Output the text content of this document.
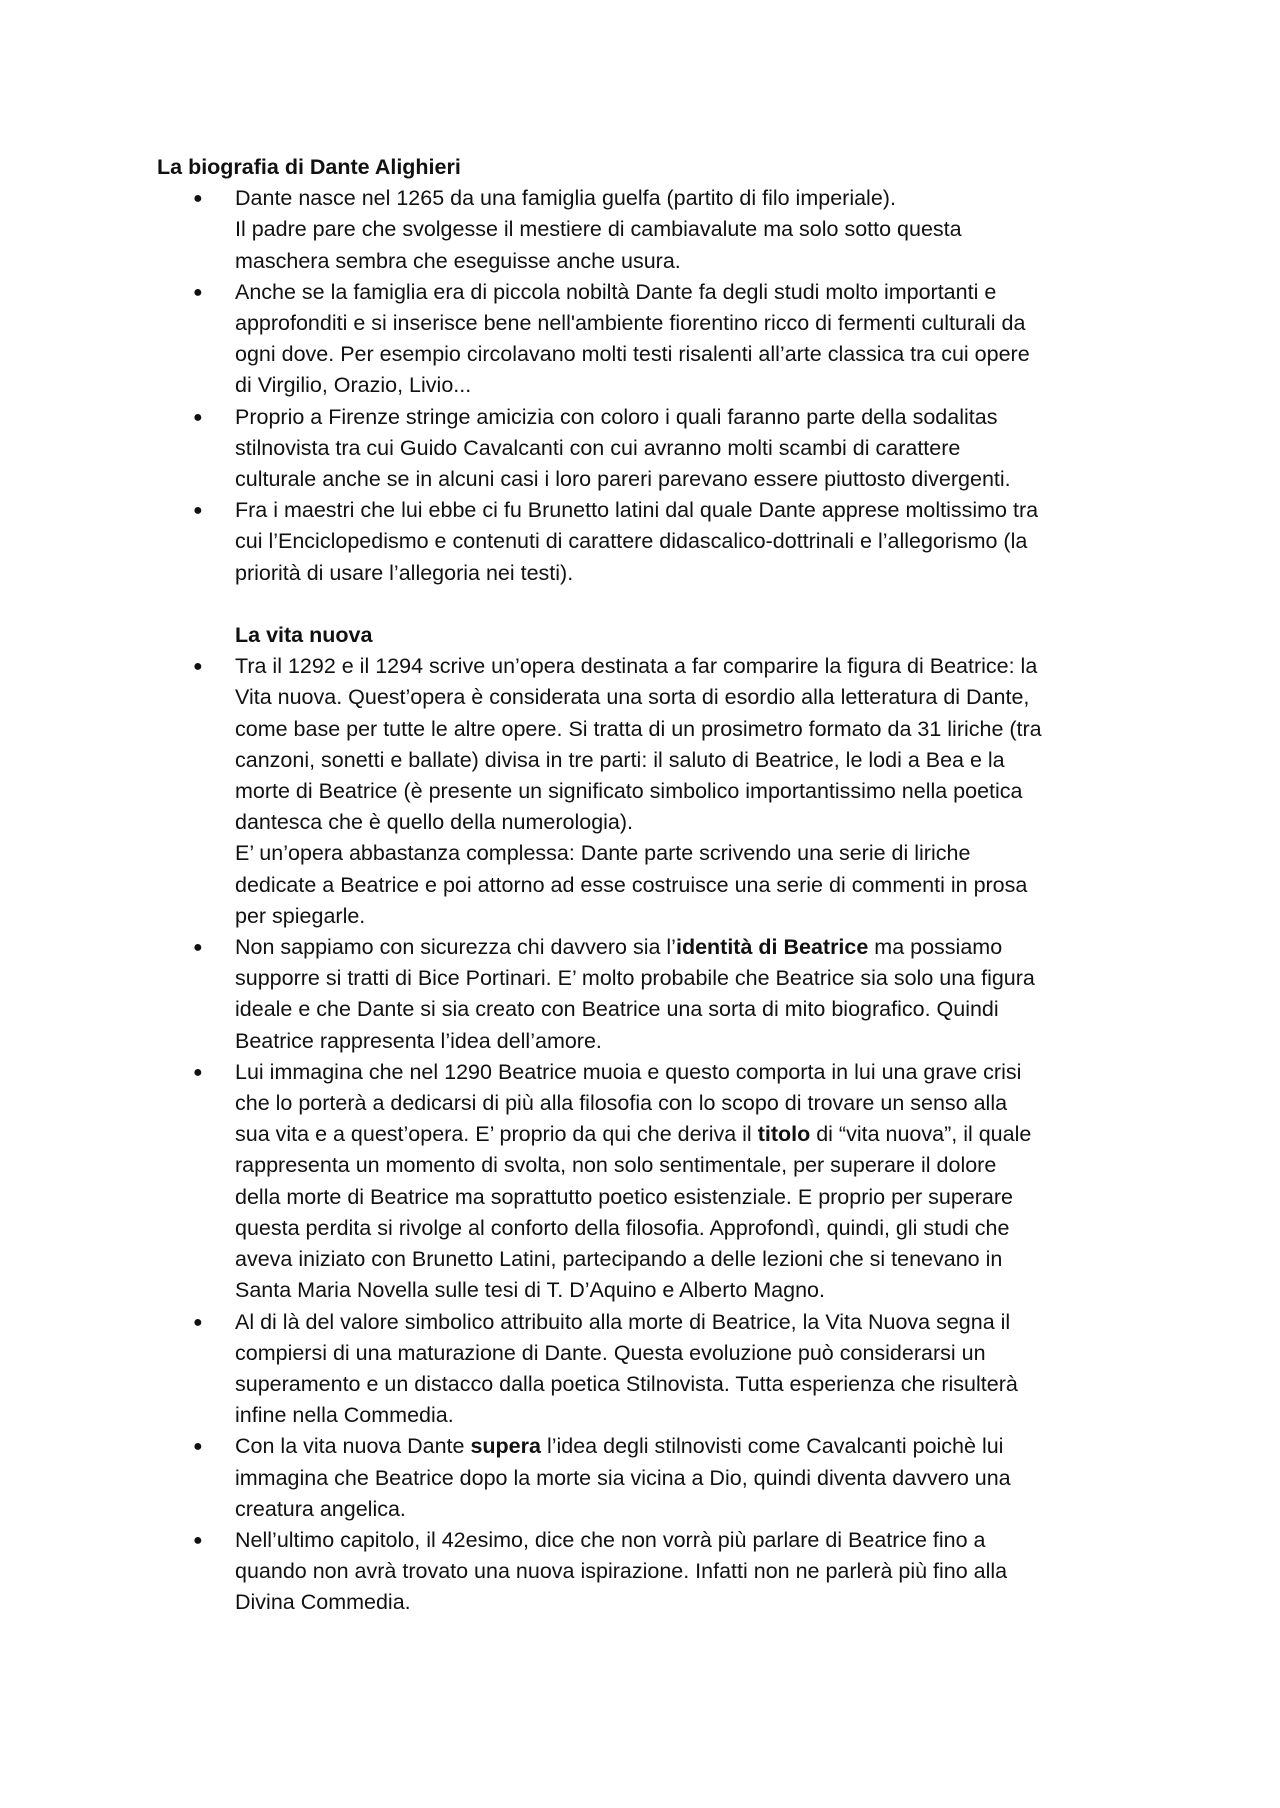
La biografia di Dante Alighieri

● Dante nasce nel 1265 da una famiglia guelfa (partito di filo imperiale).
Il padre pare che svolgesse il mestiere di cambiavalute ma solo sotto questa
maschera sembra che eseguisse anche usura.
● Anche se la famiglia era di piccola nobiltà Dante fa degli studi molto importanti e
approfonditi e si inserisce bene nell'ambiente fiorentino ricco di fermenti culturali da
ogni dove. Per esempio circolavano molti testi risalenti all’arte classica tra cui opere
di Virgilio, Orazio, Livio...
● Proprio a Firenze stringe amicizia con coloro i quali faranno parte della sodalitas
stilnovista tra cui Guido Cavalcanti con cui avranno molti scambi di carattere
culturale anche se in alcuni casi i loro pareri parevano essere piuttosto divergenti.
● Fra i maestri che lui ebbe ci fu Brunetto latini dal quale Dante apprese moltissimo tra
cui l’Enciclopedismo e contenuti di carattere didascalico-dottrinali e l’allegorismo (la
priorità di usare l’allegoria nei testi).

La vita nuova

● Tra il 1292 e il 1294 scrive un’opera destinata a far comparire la figura di Beatrice: la
Vita nuova. Quest’opera è considerata una sorta di esordio alla letteratura di Dante,
come base per tutte le altre opere. Si tratta di un prosimetro formato da 31 liriche (tra
canzoni, sonetti e ballate) divisa in tre parti: il saluto di Beatrice, le lodi a Bea e la
morte di Beatrice (è presente un significato simbolico importantissimo nella poetica
dantesca che è quello della numerologia).
E’ un’opera abbastanza complessa: Dante parte scrivendo una serie di liriche
dedicate a Beatrice e poi attorno ad esse costruisce una serie di commenti in prosa
per spiegarle.
● Non sappiamo con sicurezza chi davvero sia l’identità di Beatrice ma possiamo
supporre si tratti di Bice Portinari. E’ molto probabile che Beatrice sia solo una figura
ideale e che Dante si sia creato con Beatrice una sorta di mito biografico. Quindi
Beatrice rappresenta l’idea dell’amore.
● Lui immagina che nel 1290 Beatrice muoia e questo comporta in lui una grave crisi
che lo porterà a dedicarsi di più alla filosofia con lo scopo di trovare un senso alla
sua vita e a quest’opera. E’ proprio da qui che deriva il titolo di “vita nuova”, il quale
rappresenta un momento di svolta, non solo sentimentale, per superare il dolore
della morte di Beatrice ma soprattutto poetico esistenziale. E proprio per superare
questa perdita si rivolge al conforto della filosofia. Approfondì, quindi, gli studi che
aveva iniziato con Brunetto Latini, partecipando a delle lezioni che si tenevano in
Santa Maria Novella sulle tesi di T. D’Aquino e Alberto Magno.
● Al di là del valore simbolico attribuito alla morte di Beatrice, la Vita Nuova segna il
compiersi di una maturazione di Dante. Questa evoluzione può considerarsi un
superamento e un distacco dalla poetica Stilnovista. Tutta esperienza che risulterà
infine nella Commedia.
● Con la vita nuova Dante supera l’idea degli stilnovisti come Cavalcanti poichè lui
immagina che Beatrice dopo la morte sia vicina a Dio, quindi diventa davvero una
creatura angelica.
● Nell’ultimo capitolo, il 42esimo, dice che non vorrà più parlare di Beatrice fino a
quando non avrà trovato una nuova ispirazione. Infatti non ne parlerà più fino alla
Divina Commedia.
